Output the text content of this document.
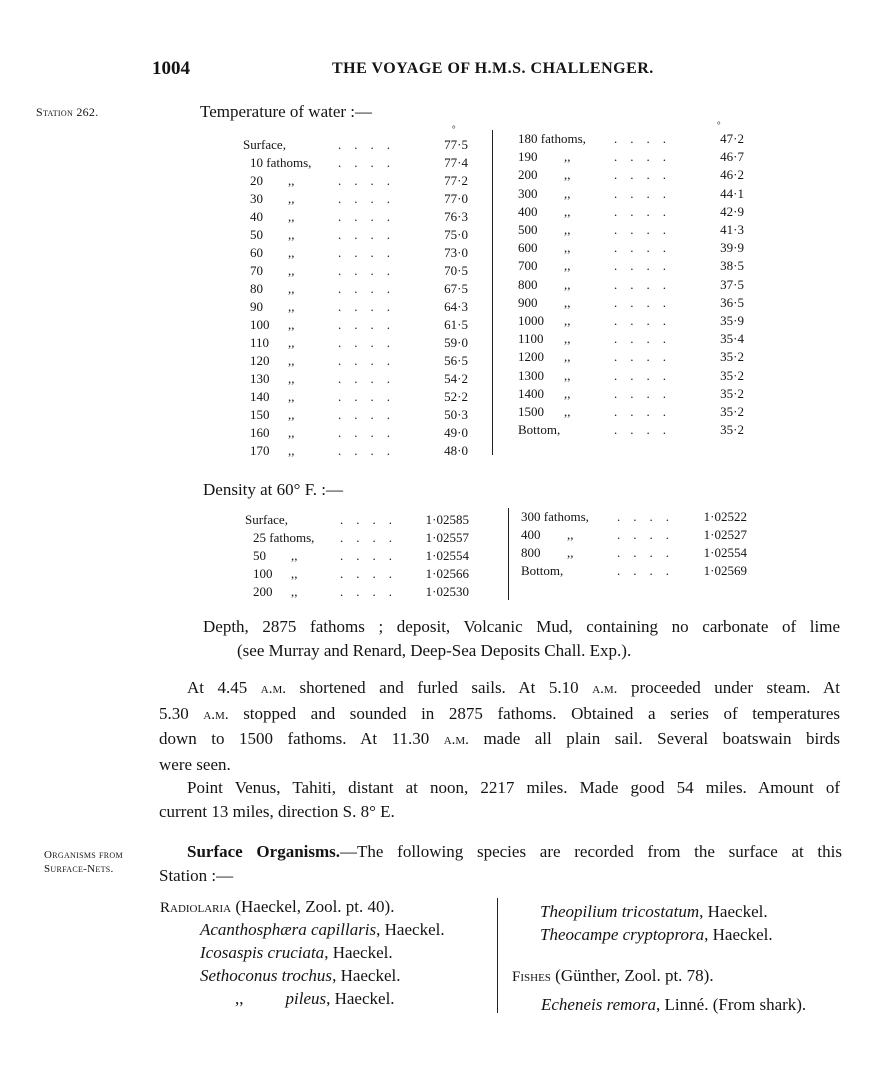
1004	THE VOYAGE OF H.M.S. CHALLENGER.
Station 262.	Temperature of water :—
°	°
Surface,	....	77·5
10 fathoms, ....	77·4
20 ,,	....	77·2
30 ,,	....	77·0
40 ,,	....	76·3
50 ,,	....	75·0
60 ,,	....	73·0
70 ,,	....	70·5
80 ,,	....	67·5
90 ,,	....	64·3
100 ,,	....	61·5
110 ,,	....	59·0
120 ,,	....	56·5
130 ,,	....	54·2
140 ,,	....	52·2
150 ,,	....	50·3
160 ,,	....	49·0
170 ,,	....	48·0
180 fathoms, ....	47·2
190 ,,	....	46·7
200 ,,	....	46·2
300 ,,	....	44·1
400 ,,	....	42·9
500 ,,	....	41·3
600 ,,	....	39·9
700 ,,	....	38·5
800 ,,	....	37·5
900 ,,	....	36·5
1000 ,,	....	35·9
1100 ,,	....	35·4
1200 ,,	....	35·2
1300 ,,	....	35·2
1400 ,,	....	35·2
1500 ,,	....	35·2
Bottom,	....	35·2
Density at 60° F. :—
Surface,	.... 1·02585
25 fathoms, .... 1·02557
50 ,,	.... 1·02554
100 ,,	.... 1·02566
200 ,,	.... 1·02530
300 fathoms, .... 1·02522
400 ,,	.... 1·02527
800 ,,	.... 1·02554
Bottom,	.... 1·02569
Depth, 2875 fathoms ; deposit, Volcanic Mud, containing no carbonate of lime
(see Murray and Renard, Deep-Sea Deposits Chall. Exp.).
At 4.45 a.m. shortened and furled sails. At 5.10 a.m. proceeded under steam. At
5.30 a.m. stopped and sounded in 2875 fathoms. Obtained a series of temperatures
down to 1500 fathoms. At 11.30 a.m. made all plain sail. Several boatswain birds
were seen.
Point Venus, Tahiti, distant at noon, 2217 miles. Made good 54 miles. Amount of
current 13 miles, direction S. 8° E.
Organisms from
Surface-Nets.
Surface Organisms.—The following species are recorded from the surface at this
Station :—
Radiolaria (Haeckel, Zool. pt. 40).
Acanthosphæra capillaris, Haeckel.
Icosaspis cruciata, Haeckel.
Sethoconus trochus, Haeckel.
,, pileus, Haeckel.
Theopilium tricostatum, Haeckel.
Theocampe cryptoprora, Haeckel.
Fishes (Günther, Zool. pt. 78).
Echeneis remora, Linné. (From shark).
